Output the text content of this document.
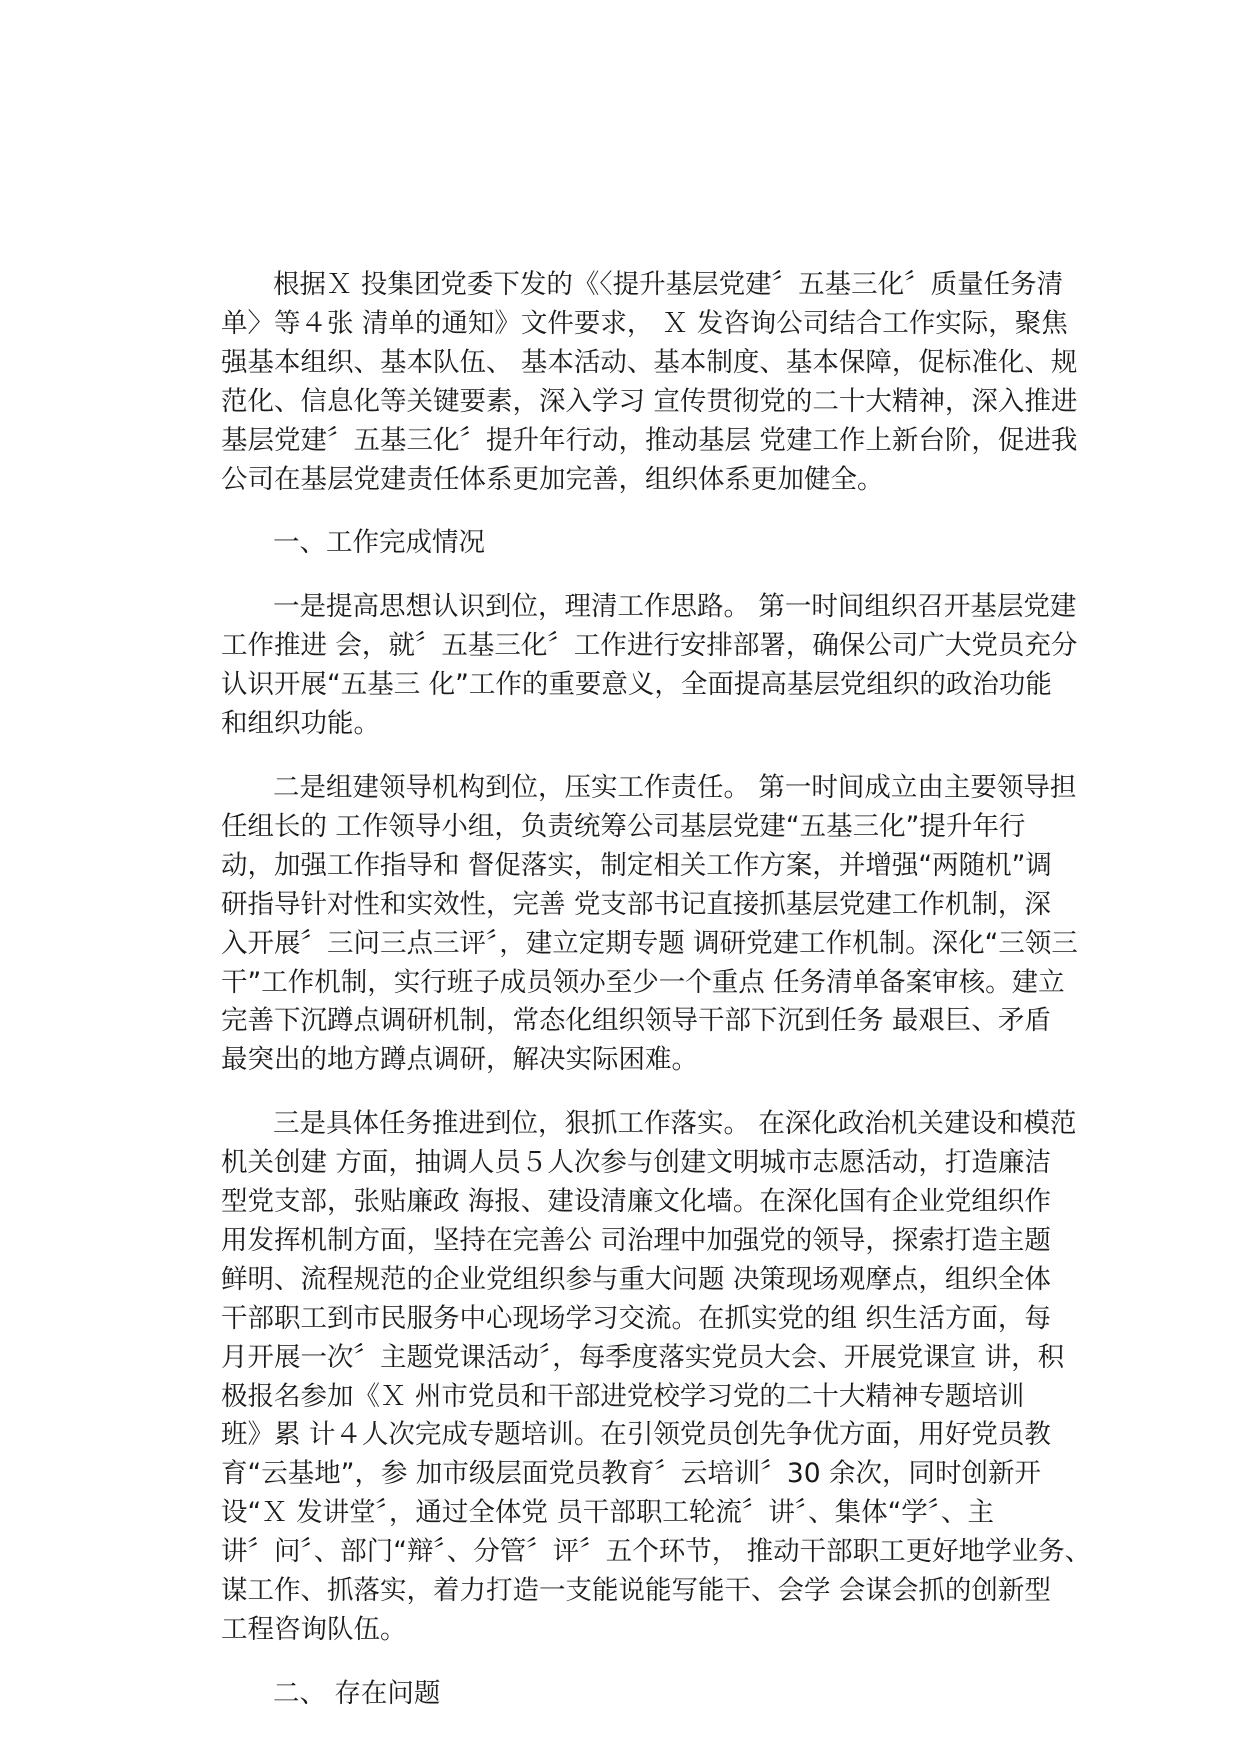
根据Ｘ 投集团党委下发的《〈提升基层党建〞五基三化〞质量任务清
单〉等４张 清单的通知》文件要求， Ｘ 发咨询公司结合工作实际，聚焦
强基本组织、基本队伍、 基本活动、基本制度、基本保障，促标准化、规
范化、信息化等关键要素，深入学习 宣传贯彻党的二十大精神，深入推进
基层党建〞五基三化〞提升年行动，推动基层 党建工作上新台阶，促进我
公司在基层党建责任体系更加完善，组织体系更加健全。

一、工作完成情况

一是提高思想认识到位，理清工作思路。 第一时间组织召开基层党建
工作推进 会，就〞五基三化〞工作进行安排部署，确保公司广大党员充分
认识开展“五基三 化”工作的重要意义，全面提高基层党组织的政治功能
和组织功能。

二是组建领导机构到位，压实工作责任。 第一时间成立由主要领导担
任组长的 工作领导小组，负责统筹公司基层党建“五基三化”提升年行
动，加强工作指导和 督促落实，制定相关工作方案，并增强“两随机”调
研指导针对性和实效性，完善 党支部书记直接抓基层党建工作机制，深
入开展〞三问三点三评〞，建立定期专题 调研党建工作机制。深化“三领三
干”工作机制，实行班子成员领办至少一个重点 任务清单备案审核。建立
完善下沉蹲点调研机制，常态化组织领导干部下沉到任务 最艰巨、矛盾
最突出的地方蹲点调研，解决实际困难。

三是具体任务推进到位，狠抓工作落实。 在深化政治机关建设和模范
机关创建 方面，抽调人员５人次参与创建文明城市志愿活动，打造廉洁
型党支部，张贴廉政 海报、建设清廉文化墙。在深化国有企业党组织作
用发挥机制方面，坚持在完善公 司治理中加强党的领导，探索打造主题
鲜明、流程规范的企业党组织参与重大问题 决策现场观摩点，组织全体
干部职工到市民服务中心现场学习交流。在抓实党的组 织生活方面，每
月开展一次〞主题党课活动〞，每季度落实党员大会、开展党课宣 讲，积
极报名参加《Ｘ 州市党员和干部进党校学习党的二十大精神专题培训
班》累 计４人次完成专题培训。在引领党员创先争优方面，用好党员教
育“云基地”，参 加市级层面党员教育〞云培训〞30 余次，同时创新开
设“Ｘ 发讲堂〞，通过全体党 员干部职工轮流〞讲〞、集体“学〞、主
讲〞问〞、部门“辩〞、分管〞评〞五个环节， 推动干部职工更好地学业务、
谋工作、抓落实，着力打造一支能说能写能干、会学 会谋会抓的创新型
工程咨询队伍。

二、 存在问题
